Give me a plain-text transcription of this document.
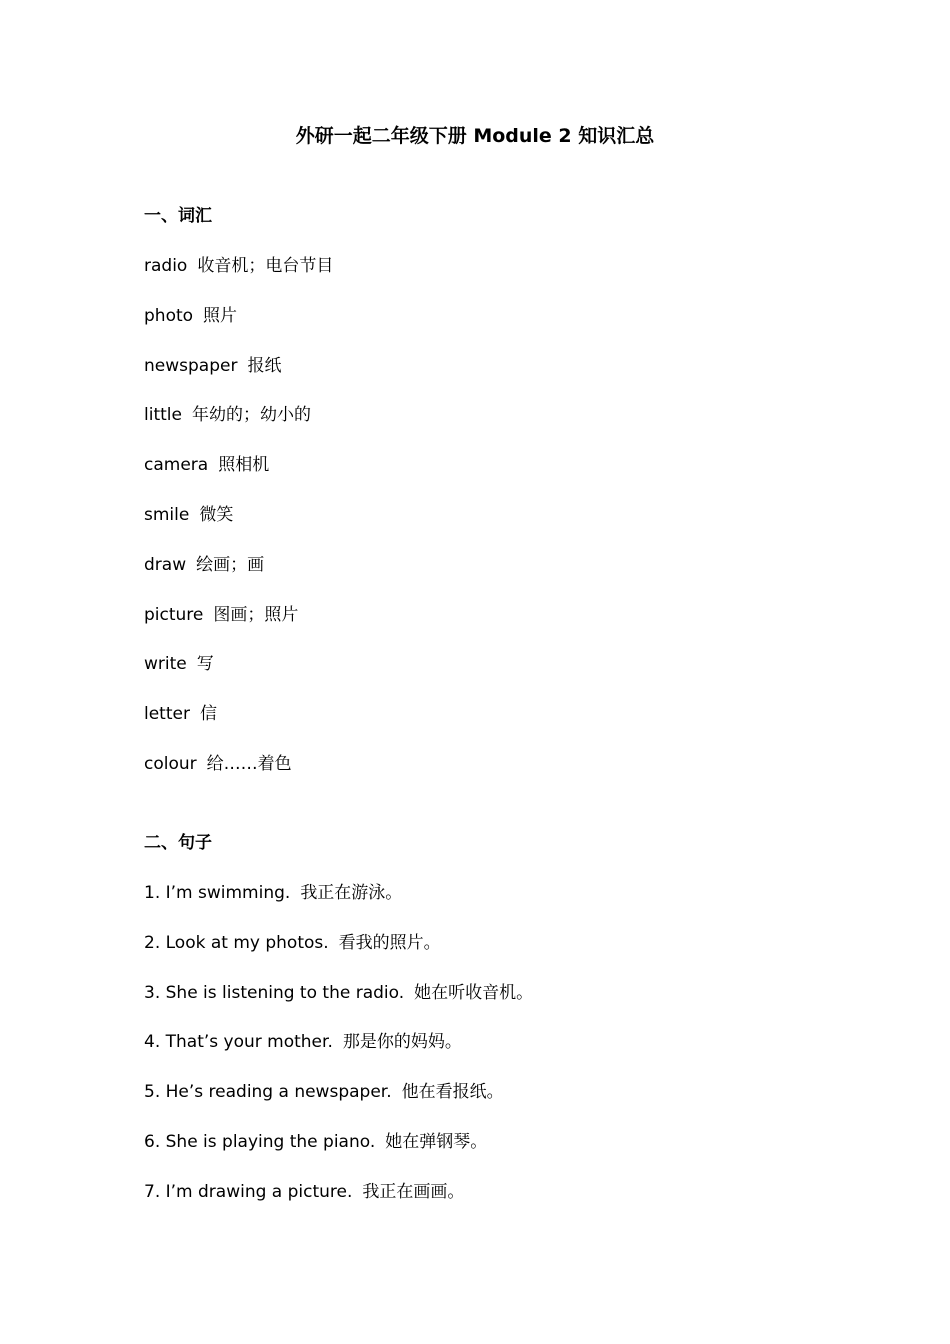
外研一起二年级下册 Module 2 知识汇总
一、词汇
radio 收音机；电台节目
photo 照片
newspaper 报纸
little 年幼的；幼小的
camera 照相机
smile 微笑
draw 绘画；画
picture 图画；照片
write 写
letter 信
colour 给……着色
二、句子
1. I’m swimming. 我正在游泳。
2. Look at my photos. 看我的照片。
3. She is listening to the radio. 她在听收音机。
4. That’s your mother. 那是你的妈妈。
5. He’s reading a newspaper. 他在看报纸。
6. She is playing the piano. 她在弹钢琴。
7. I’m drawing a picture. 我正在画画。
